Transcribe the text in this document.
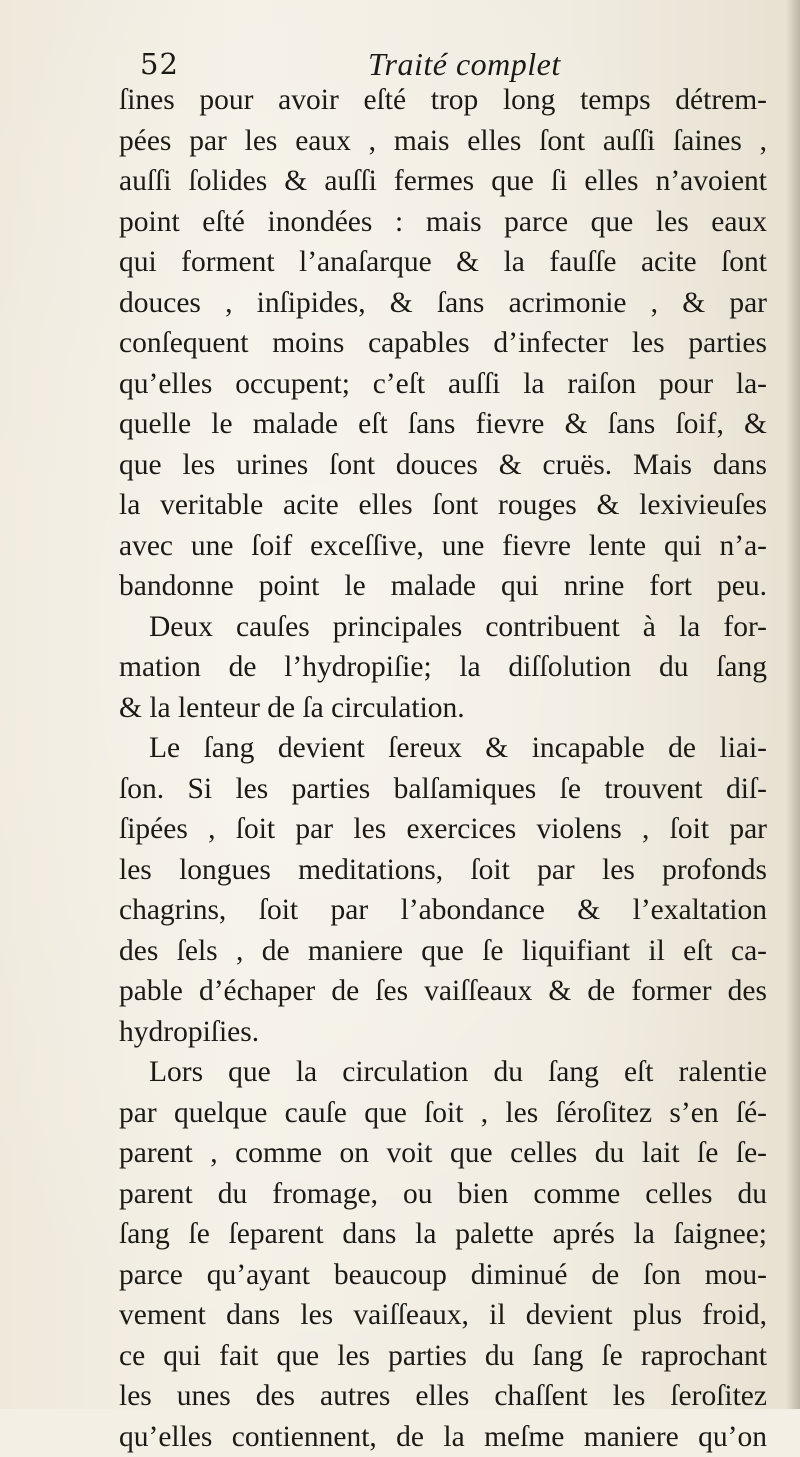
52	Traité complet
ſines pour avoir eſté trop long temps détrem-
pées par les eaux , mais elles ſont auſſi ſaines ,
auſſi ſolides & auſſi fermes que ſi elles n’avoient
point eſté inondées : mais parce que les eaux
qui forment l’anaſarque & la fauſſe acite ſont
douces , inſipides, & ſans acrimonie , & par
conſequent moins capables d’infecter les parties
qu’elles occupent; c’eſt auſſi la raiſon pour la-
quelle le malade eſt ſans fievre & ſans ſoif, &
que les urines ſont douces & cruës. Mais dans
la veritable acite elles ſont rouges & lexivieuſes
avec une ſoif exceſſive, une fievre lente qui n’a-
bandonne point le malade qui nrine fort peu.
Deux cauſes principales contribuent à la for-
mation de l’hydropiſie; la diſſolution du ſang
& la lenteur de ſa circulation.
Le ſang devient ſereux & incapable de liai-
ſon. Si les parties balſamiques ſe trouvent diſ-
ſipées , ſoit par les exercices violens , ſoit par
les longues meditations, ſoit par les profonds
chagrins, ſoit par l’abondance & l’exaltation
des ſels , de maniere que ſe liquifiant il eſt ca-
pable d’échaper de ſes vaiſſeaux & de former des
hydropiſies.
Lors que la circulation du ſang eſt ralentie
par quelque cauſe que ſoit , les ſéroſitez s’en ſé-
parent , comme on voit que celles du lait ſe ſe-
parent du fromage, ou bien comme celles du
ſang ſe ſeparent dans la palette aprés la ſaignee;
parce qu’ayant beaucoup diminué de ſon mou-
vement dans les vaiſſeaux, il devient plus froid,
ce qui fait que les parties du ſang ſe raprochant
les unes des autres elles chaſſent les ſeroſitez
qu’elles contiennent, de la meſme maniere qu’on
